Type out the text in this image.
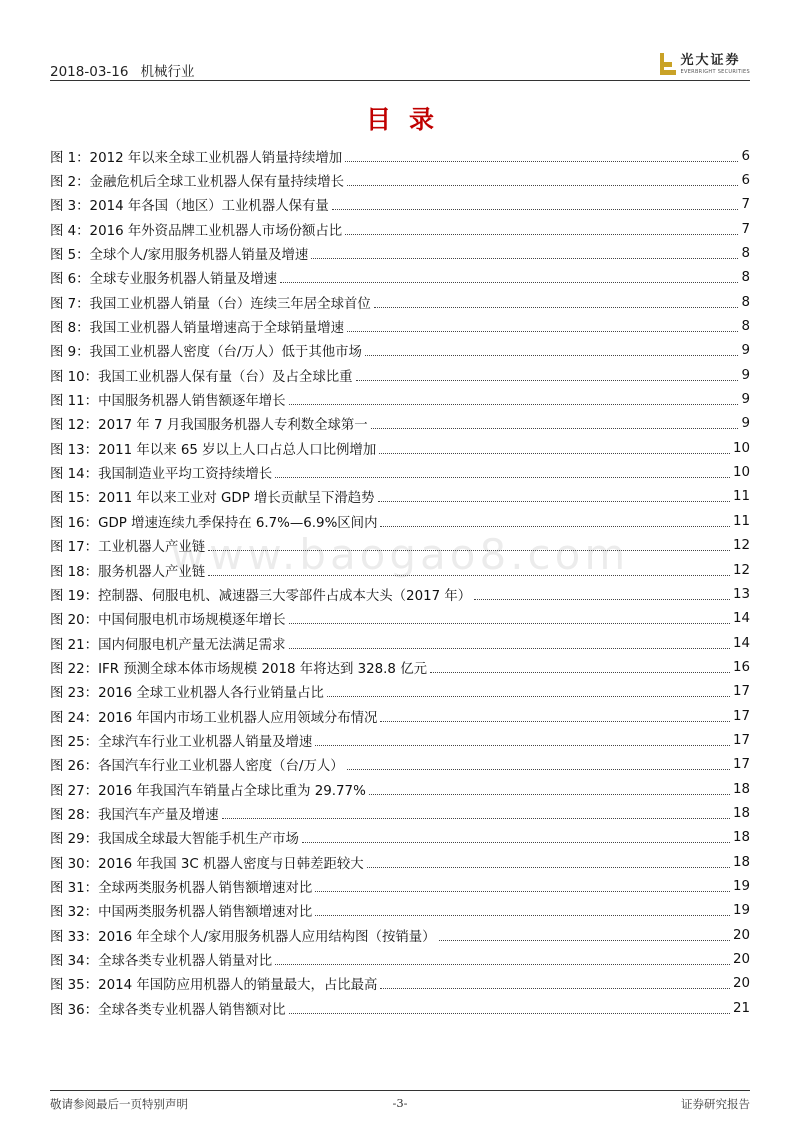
2018-03-16 机械行业
光大证券
EVERBRIGHT SECURITIES
目录
www.baogao8.com
图 1：2012 年以来全球工业机器人销量持续增加	6
图 2：金融危机后全球工业机器人保有量持续增长	6
图 3：2014 年各国（地区）工业机器人保有量	7
图 4：2016 年外资品牌工业机器人市场份额占比	7
图 5：全球个人/家用服务机器人销量及增速	8
图 6：全球专业服务机器人销量及增速	8
图 7：我国工业机器人销量（台）连续三年居全球首位	8
图 8：我国工业机器人销量增速高于全球销量增速	8
图 9：我国工业机器人密度（台/万人）低于其他市场	9
图 10：我国工业机器人保有量（台）及占全球比重	9
图 11：中国服务机器人销售额逐年增长	9
图 12：2017 年 7 月我国服务机器人专利数全球第一	9
图 13：2011 年以来 65 岁以上人口占总人口比例增加	10
图 14：我国制造业平均工资持续增长	10
图 15：2011 年以来工业对 GDP 增长贡献呈下滑趋势	11
图 16：GDP 增速连续九季保持在 6.7%—6.9%区间内	11
图 17：工业机器人产业链	12
图 18：服务机器人产业链	12
图 19：控制器、伺服电机、减速器三大零部件占成本大头（2017 年）	13
图 20：中国伺服电机市场规模逐年增长	14
图 21：国内伺服电机产量无法满足需求	14
图 22：IFR 预测全球本体市场规模 2018 年将达到 328.8 亿元	16
图 23：2016 全球工业机器人各行业销量占比	17
图 24：2016 年国内市场工业机器人应用领域分布情况	17
图 25：全球汽车行业工业机器人销量及增速	17
图 26：各国汽车行业工业机器人密度（台/万人）	17
图 27：2016 年我国汽车销量占全球比重为 29.77%	18
图 28：我国汽车产量及增速	18
图 29：我国成全球最大智能手机生产市场	18
图 30：2016 年我国 3C 机器人密度与日韩差距较大	18
图 31：全球两类服务机器人销售额增速对比	19
图 32：中国两类服务机器人销售额增速对比	19
图 33：2016 年全球个人/家用服务机器人应用结构图（按销量）	20
图 34：全球各类专业机器人销量对比	20
图 35：2014 年国防应用机器人的销量最大，占比最高	20
图 36：全球各类专业机器人销售额对比	21
敬请参阅最后一页特别声明	-3-	证券研究报告
